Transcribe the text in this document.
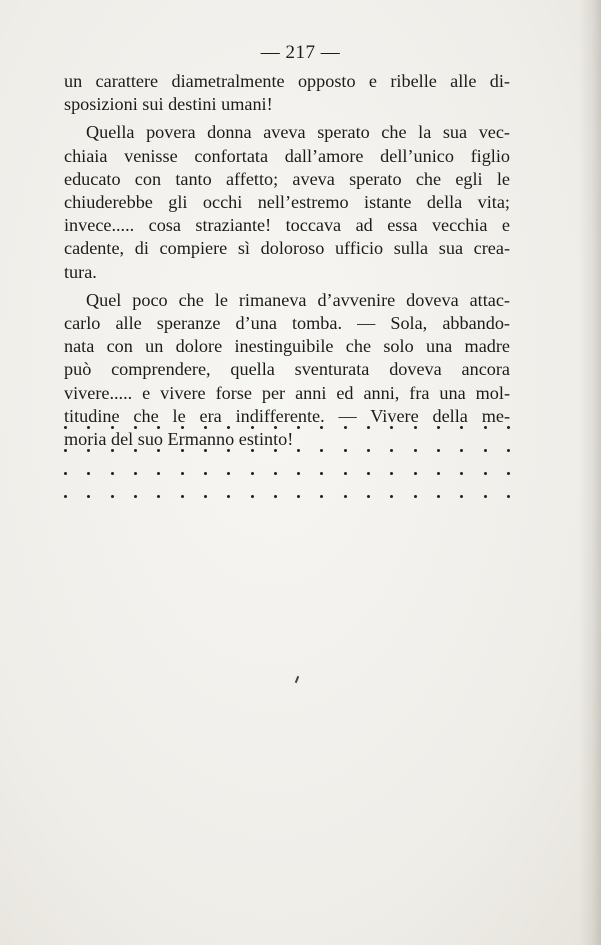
— 217 —

un carattere diametralmente opposto e ribelle alle di-
sposizioni sui destini umani!

Quella povera donna aveva sperato che la sua vec-
chiaia venisse confortata dall’amore dell’unico figlio
educato con tanto affetto; aveva sperato che egli le
chiuderebbe gli occhi nell’estremo istante della vita;
invece..... cosa straziante! toccava ad essa vecchia e
cadente, di compiere sì doloroso ufficio sulla sua crea-
tura.

Quel poco che le rimaneva d’avvenire doveva attac-
carlo alle speranze d’una tomba. — Sola, abbando-
nata con un dolore inestinguibile che solo una madre
può comprendere, quella sventurata doveva ancora
vivere..... e vivere forse per anni ed anni, fra una mol-
titudine che le era indifferente. — Vivere della me-
moria del suo Ermanno estinto!
